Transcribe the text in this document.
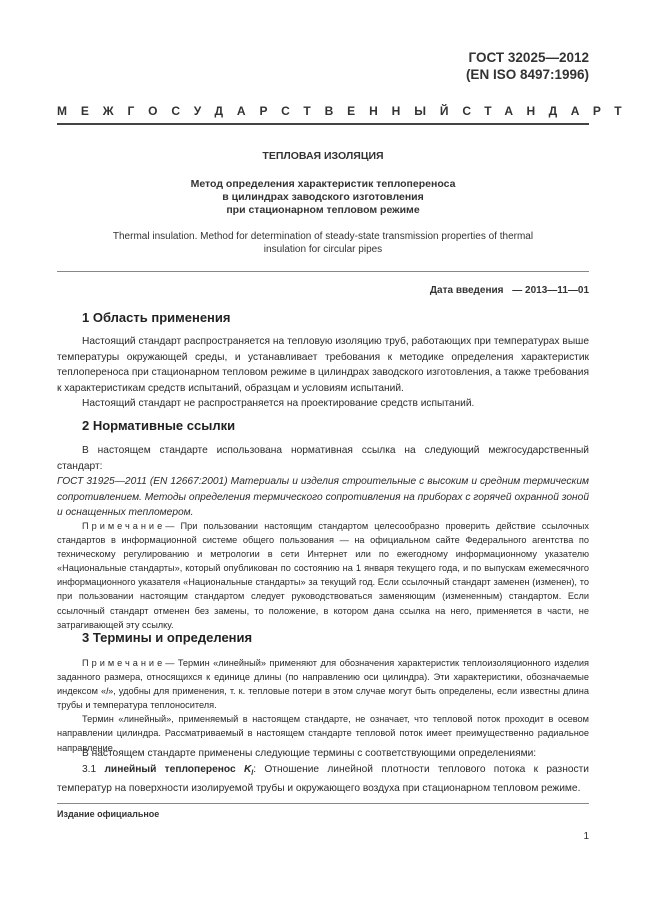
ГОСТ 32025—2012
(EN ISO 8497:1996)
МЕЖГОСУДАРСТВЕННЫЙ СТАНДАРТ
ТЕПЛОВАЯ ИЗОЛЯЦИЯ
Метод определения характеристик теплопереноса
в цилиндрах заводского изготовления
при стационарном тепловом режиме
Thermal insulation. Method for determination of steady-state transmission properties of thermal
insulation for circular pipes
Дата введения — 2013—11—01
1 Область применения

Настоящий стандарт распространяется на тепловую изоляцию труб, работающих при температурах выше температуры окружающей среды, и устанавливает требования к методике определения характеристик теплопереноса при стационарном тепловом режиме в цилиндрах заводского изготовления, а также требования к характеристикам средств испытаний, образцам и условиям испытаний.

Настоящий стандарт не распространяется на проектирование средств испытаний.

2 Нормативные ссылки

В настоящем стандарте использована нормативная ссылка на следующий межгосударственный стандарт:

ГОСТ 31925—2011 (EN 12667:2001) Материалы и изделия строительные с высоким и средним термическим сопротивлением. Методы определения термического сопротивления на приборах с горячей охранной зоной и оснащенных тепломером.

Примечание— При пользовании настоящим стандартом целесообразно проверить действие ссылочных стандартов в информационной системе общего пользования — на официальном сайте Федерального агентства по техническому регулированию и метрологии в сети Интернет или по ежегодному информационному указателю «Национальные стандарты», который опубликован по состоянию на 1 января текущего года, и по выпускам ежемесячного информационного указателя «Национальные стандарты» за текущий год. Если ссылочный стандарт заменен (изменен), то при пользовании настоящим стандартом следует руководствоваться заменяющим (измененным) стандартом. Если ссылочный стандарт отменен без замены, то положение, в котором дана ссылка на него, применяется в части, не затрагивающей эту ссылку.

3 Термины и определения

Примечание— Термин «линейный» применяют для обозначения характеристик теплоизоляционного изделия заданного размера, относящихся к единице длины (по направлению оси цилиндра). Эти характеристики, обозначаемые индексом «l», удобны для применения, т. к. тепловые потери в этом случае могут быть определены, если известны длина трубы и температура теплоносителя.

Термин «линейный», применяемый в настоящем стандарте, не означает, что тепловой поток проходит в осевом направлении цилиндра. Рассматриваемый в настоящем стандарте тепловой поток имеет преимущественно радиальное направление.

В настоящем стандарте применены следующие термины с соответствующими определениями:

3.1 линейный теплоперенос $K_l$: Отношение линейной плотности теплового потока к разности температур на поверхности изолируемой трубы и окружающего воздуха при стационарном тепловом режиме.

Издание официальное
1
